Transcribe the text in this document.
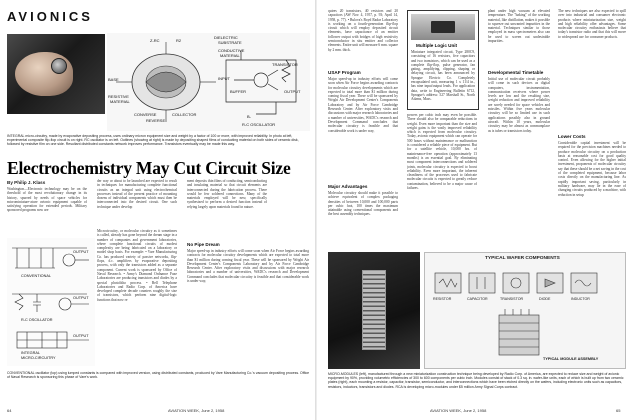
AVIONICS
DIELECTRIC
SUBSTRATE
Z-RC	R2
CONDUCTIVE
MATERIAL
BASE	INPUT
CONVERSE
RESISTIVE
MATERIAL
COLLECTOR
REVERSE
BUFFER	OUTPUT
TRANSISTOR
B-
R-C OSCILLATOR
INTEGRAL micro-circuitry, made by evaporative depositing process, uses ordinary micron equipment size and weight by a factor of 100 or more, with improved reliability. In photo at left, experimental composite flip-flop circuit is on right. RC oscillator is on left. Outlines (showing at right) is made by depositing shaped films of conducting material on both sides of ceramic disk, followed by resistive film on one side. Resultant distributed constants network improves performance. Transistors eventually may be made this way.
Electrochemistry May Cut Circuit Size
By Philip J. Klass
Washington—Electronic technology may be on the threshold of the most revolutionary change in its history, spurred by needs of space vehicles for microminiature-ature avionic equipment capable of satisfying operation for extended periods. Military sponsored programs now are
der way or about to be launched are expected to result in techniques for manufacturing complete functional circuits as an integral unit using electrochemical processes instead of the present practice of mounting dozens of individual components which must then be interconnected into the desired circuit. One such technique under develop
ment deposits thin films of conducting, semiconducting and insulating material so that circuit elements are interconnected during the fabrication process. There would be few soldered connections. Many of the materials employed will be new, specifically synthesized to perform a desired function instead of relying largely upon materials found in nature.
OUTPUT
CONVENTIONAL
OUTPUT
R-C OSCILLATOR
INTEGRAL
MICRO-CIRCUITRY
OUTPUT
No Pipe Dream
Microcircuitry, or molecular circuitry as it sometimes is called, already has gone beyond the dream stage in a number of companies and government laboratories, where complete functional circuits of modest complexity are being fabricated on a laboratory or model shop basis. For example: • Vare Manufacturing Co. has produced variety of passive networks, flip-flops, d.c. amplifiers by evaporative depositing process, with only the transistors added as a separate component. Current work is sponsored by Office of Naval Research. • Army's Diamond Ordnance Fuze Laboratories are producing transistors and diodes by a special photolitho process. • Bell Telephone Laboratories and Radio Corp. of America have developed complete decade counters roughly the size of transistors, which perform nine digital-logic functions that now re
Major speed-up in industry efforts will come soon when Air Force begins awarding contracts for molecular circuitry developments which are expected to total more than $1 million during coming fiscal year. These will be sponsored by Wright Air Development Center's Components Laboratory and by Air Force Cambridge Research Center. After exploratory visits and discussions with major research laboratories and a number of universities, WADC's research and Development Command concludes that molecular circuitry is feasible and that considerable work is under way,
CONVENTIONAL oscillator (top) using lumped constants is compared with improved version, using distributed constants, produced by Vare Manufacturing Co.'s vacuum depositing process. Office of Naval Research is sponsoring this phase of Vare's work.
64	AVIATION WEEK, June 2, 1958
quires 20 transistors, 40 resistors and 20 capacitors (AW Nov. 4, 1957, p. 93; April 14, 1958, p. 77). • Bulova's Boyd Radar Laboratory is working on a fourth-generation flip-flop circuit which will employ deposited circuit elements, have capacitance of an emitter follower output with bridges of high resistivity semiconductor in situ emitter and collector elements. Entire unit will measure 6 mm. square by 2 mm. thick.
USAF Program
Major speed-up in industry efforts will come soon when Air Force begins awarding contracts for molecular circuitry developments which are expected to total more than $1 million during coming fiscal year. These will be sponsored by Wright Air Development Center's Components Laboratory and by Air Force Cambridge Research Center. After exploratory visits and discussions with major research laboratories and a number of universities, WADC's research and Development Command concludes that molecular circuitry is feasible and that considerable work is under way,
Major Advantages
Molecular circuitry should make it possible to achieve equivalent of complex packaging densities of between 10,000 and 100,000 parts per cubic foot, 100 times the maximum attainable using conventional components and the best assembly techniques.
Multiple Logic Unit
Miniature integrated circuit, Type 280C9, consisting of 16 resistors, five capacitors and two transistors, which can be used as a complete flip-flop, pulse generator, fan gating, amplifying, clipping, shaping or delaying circuit, has been announced by Sprague Electric Co. Completely encapsulated unit, measuring 1 x 11/4 in., has nine input/output leads. For application data, write to Engineering Bulletin 6712, Sprague's address: 527 Marshall St., North Adams, Mass.
powers per cubic inch may even be possible. There should also be comparable reductions in weight. Even more important than the size and weight gains is the vastly improved reliability which is expected from molecular circuitry. Today, avionic equipment which can operate for 500 hours without maintenance or malfunction is considered a reliable piece of equipment. But for a satellite vehicle, 10,000 hrs. of maintenance-free operation (approximately 13 months) is an essential goal. By eliminating most component interconnections and soldered joints, molecular circuitry is expected to boost reliability. Even more important, the inherent cleanliness of the processes used to fabricate molecular circuits is expected to greatly reduce contamination, believed to be a major cause of failures.
plant under high vacuum at elevated temperature. The "baking" of the working material, like distillation, makes it possible to squeeze out unwanted impurities in the material. Techniques similar to those employed in mass spectrometers also can be used to screen out undesirable impurities.
Developmental Timetable
Initial use of molecular circuit probably will come in such devices as digital computers, instrumentation, communication receivers where power levels are low and the resulting size, weight reduction and improved reliability are sorely needed for space vehicles and missiles. Within five years molecular circuitry will be so limited use in such applications possibly also in ground aircraft. Within 10 years, molecular circuitry may be almost as commonplace as is tubes or transistors today.
The new techniques are also expected to spill over into industrial and consumer electronic products where miniaturization size, weight and high reliability offer advantages. Some molecular circuitry enthusiasts believe that today's transistor radio and that this will move to widespread use for consumer products.
Lower Costs
Considerable capital investment will be required for the precision machines needed to produce molecular circuitry on a production basis at reasonable cost for good quality control. Even allowing for the higher initial investment, proponents of molecular circuitry say that these should be a net saving in the cost of the completed equipment, because labor costs directly on the manufacturing line. As rapidly important saving, particularly in military hardware, may lie in the ease of changing circuits produced by a machine, with reduction in setup
TYPICAL WAFER COMPONENTS
RESISTOR	CAPACITOR	TRANSISTOR	DIODE	INDUCTOR
TYPICAL MODULE ASSEMBLY
MICRO-MODULES (left), manufactured through a new miniaturization construction technique being developed by Radio Corp. of America, are expected to reduce size and weight of avionic equipment by 90%, providing volumetric efficiencies of 300 to 600 components per cubic inch. Modules consist of stack of 0.3 sq. in. wafer-like units, each of which is built up from two ceramic plates (right), each mounting a resistor, capacitor, transistor, semiconductor, and interconnections which have been etched directly on the wafers, including electronic units such as capacitors, resistors, inductors, transistors and diodes. RCA is developing micro-modules under $5 million Army Signal Corps contract.
AVIATION WEEK, June 2, 1958	65
